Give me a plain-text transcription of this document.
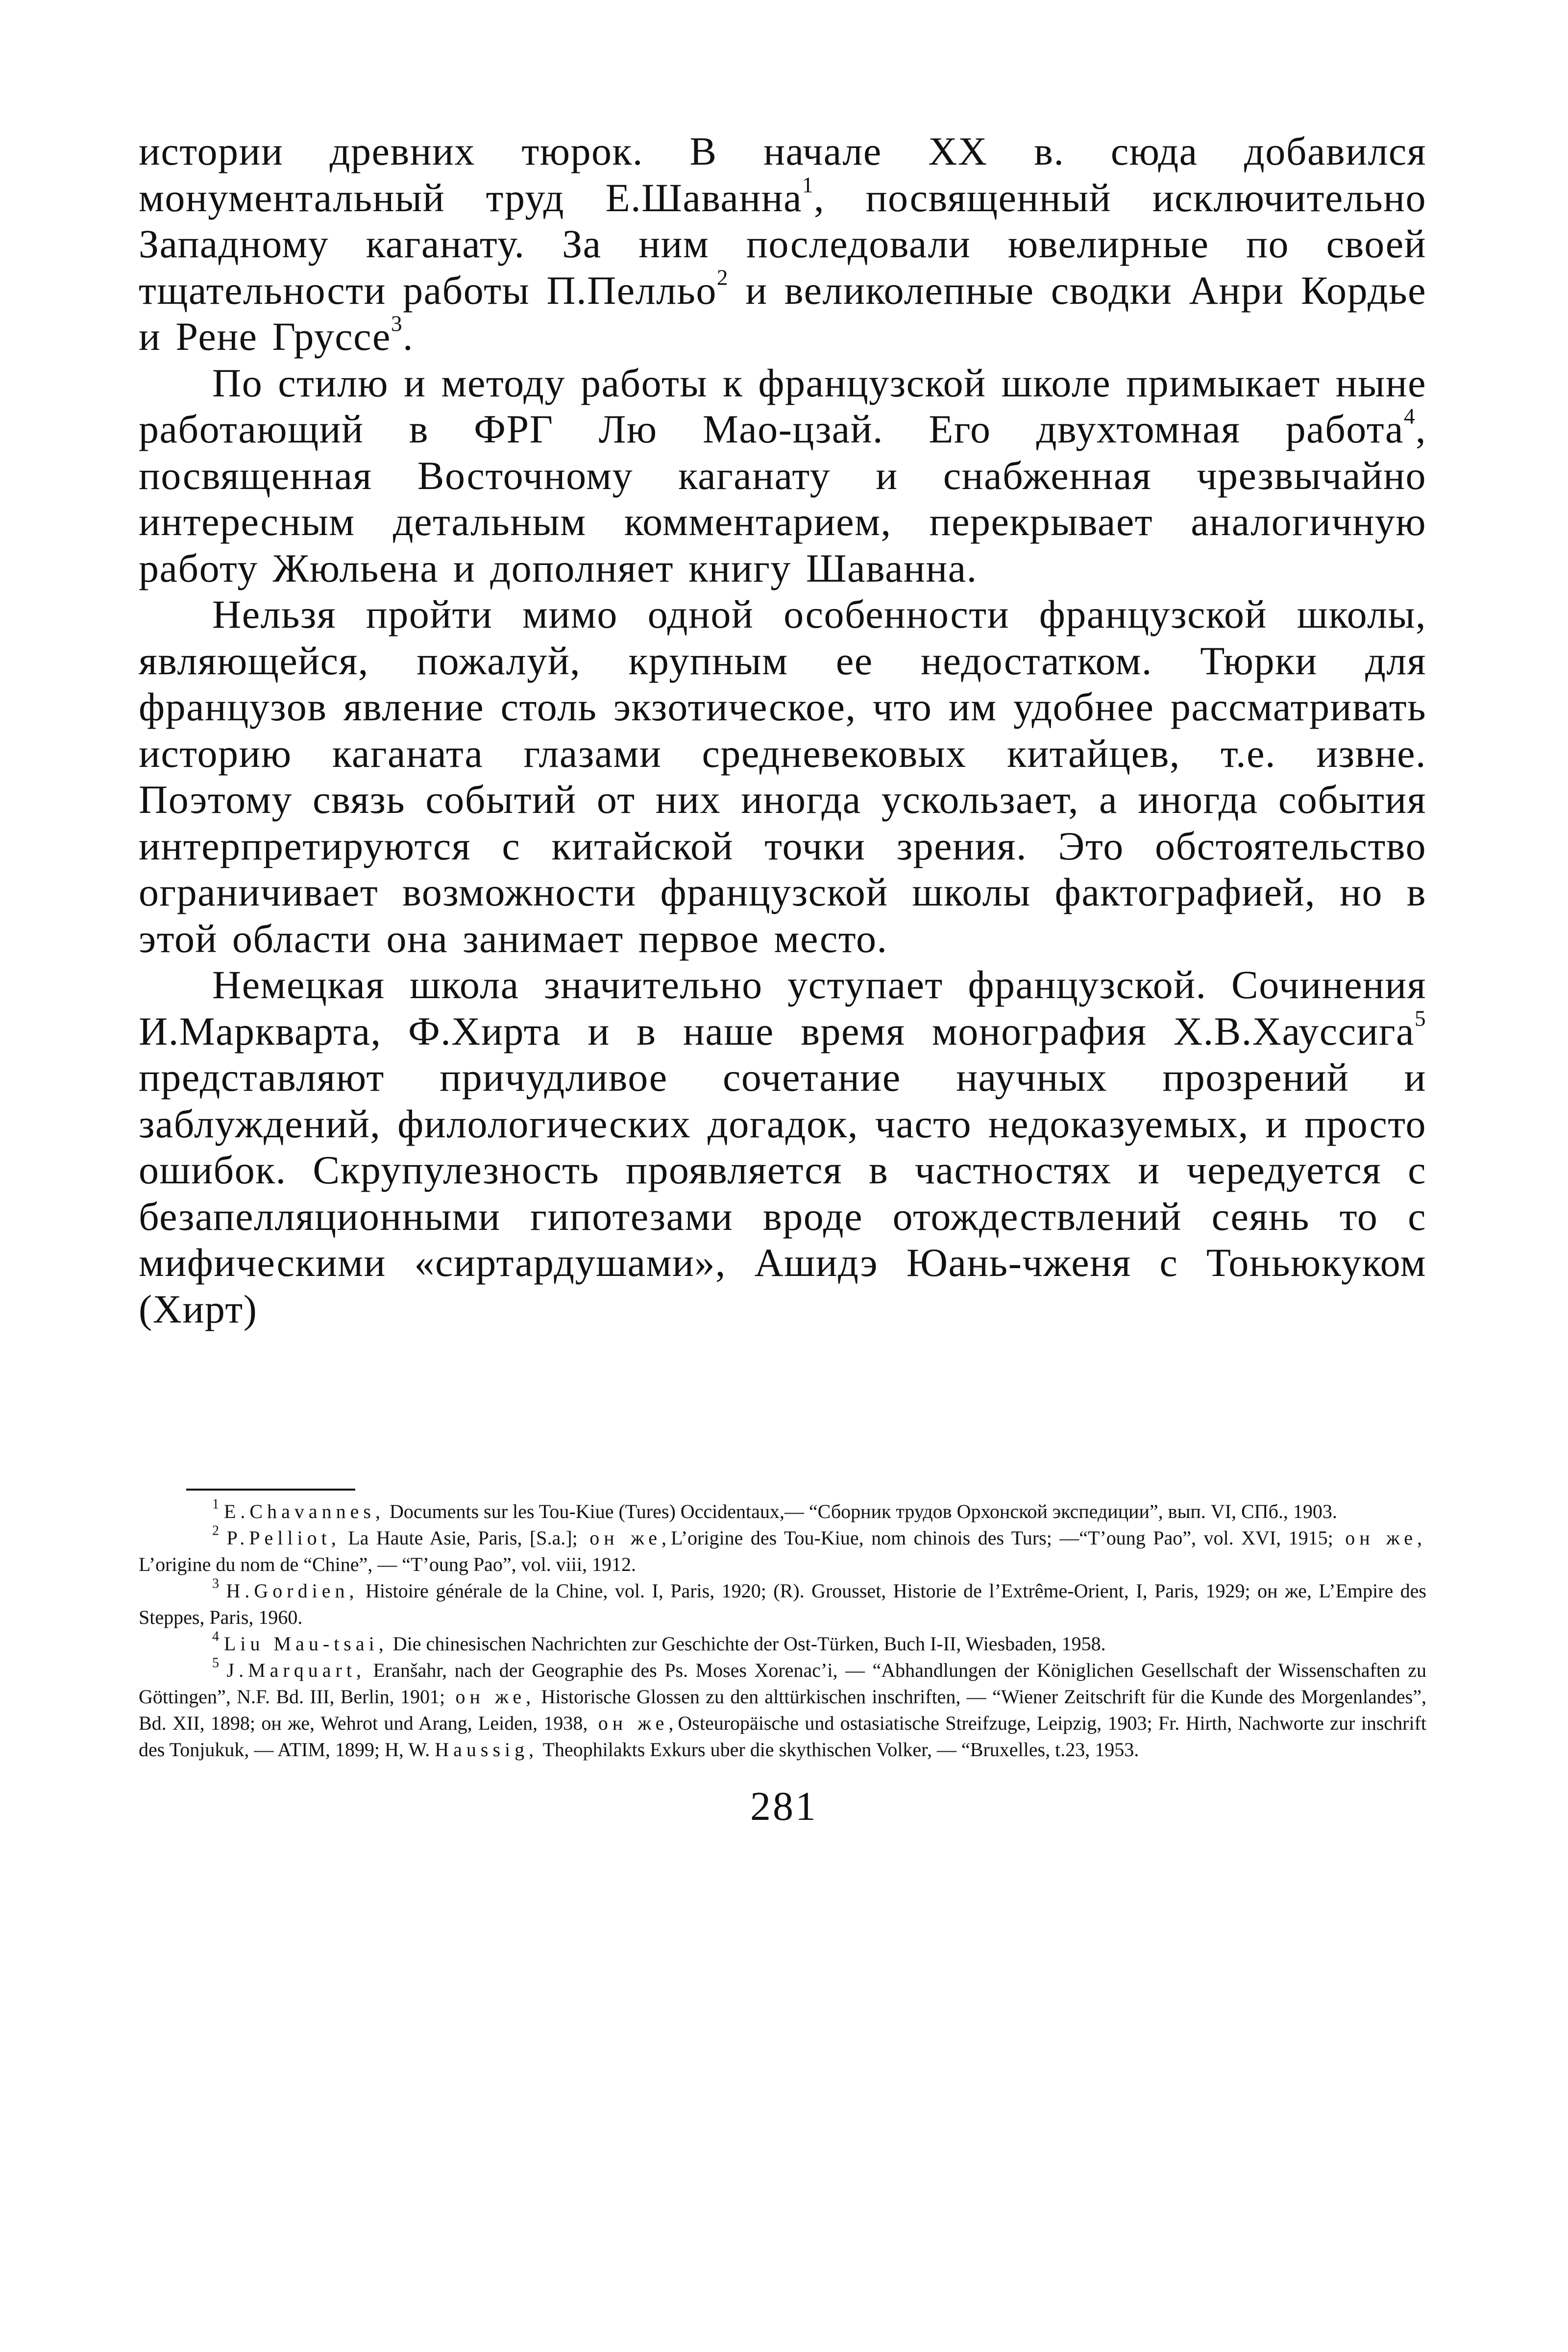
истории древних тюрок. В начале XX в. сюда добавился монументальный труд Е.Шаванна$^1$, посвященный исключительно Западному каганату. За ним последовали ювелирные по своей тщательности работы П.Пелльо$^2$ и великолепные сводки Анри Кордье и Рене Груссе$^3$.

По стилю и методу работы к французской школе примыкает ныне работающий в ФРГ Лю Мао-цзай. Его двухтомная работа$^4$, посвященная Восточному каганату и снабженная чрезвычайно интересным детальным комментарием, перекрывает аналогичную работу Жюльена и дополняет книгу Шаванна.

Нельзя пройти мимо одной особенности французской школы, являющейся, пожалуй, крупным ее недостатком. Тюрки для французов явление столь экзотическое, что им удобнее рассматривать историю каганата глазами средневековых китайцев, т.е. извне. Поэтому связь событий от них иногда ускользает, а иногда события интерпретируются с китайской точки зрения. Это обстоятельство ограничивает возможности французской школы фактографией, но в этой области она занимает первое место.

Немецкая школа значительно уступает французской. Сочинения И.Маркварта, Ф.Хирта и в наше время монография Х.В.Хауссига$^5$ представляют причудливое сочетание научных прозрений и заблуждений, филологических догадок, часто недоказуемых, и просто ошибок. Скрупулезность проявляется в частностях и чередуется с безапелляционными гипотезами вроде отождествлений сеянь то с мифическими «сиртардушами», Ашидэ Юань-чженя с Тоньюкуком (Хирт)

$^1$ E.Chavannes, Documents sur les Tou-Kiue (Tures) Occidentaux,— “Сборник трудов Орхонской экспедиции”, вып. VI, СПб., 1903.

$^2$ P.Pelliot, La Haute Asie, Paris, [S.a.]; он же,L’origine des Tou-Kiue, nom chinois des Turs; —“T’oung Pao”, vol. XVI, 1915; он же, L’origine du nom de “Chine”, — “T’oung Pao”, vol. viii, 1912.

$^3$ H.Gordien, Histoire générale de la Chine, vol. I, Paris, 1920; (R). Grousset, Historie de l’Extrême-Orient, I, Paris, 1929; он же, L’Empire des Steppes, Paris, 1960.

$^4$ Liu Mau-tsai, Die chinesischen Nachrichten zur Geschichte der Ost-Türken, Buch I-II, Wiesbaden, 1958.

$^5$ J.Marquart, Eranšahr, nach der Geographie des Ps. Moses Xorenac’i, — “Abhandlungen der Königlichen Gesellschaft der Wissenschaften zu Göttingen”, N.F. Bd. III, Berlin, 1901; он же, Historische Glossen zu den alttürkischen inschriften, — “Wiener Zeitschrift für die Kunde des Morgenlandes”, Bd. XII, 1898; он же, Wehrot und Arang, Leiden, 1938, он же,Osteuropäische und ostasiatische Streifzuge, Leipzig, 1903; Fr. Hirth, Nachworte zur inschrift des Tonjukuk, — ATIM, 1899; H, W. Haussig, Theophilakts Exkurs uber die skythischen Volker, — “Bruxelles, t.23, 1953.

281
